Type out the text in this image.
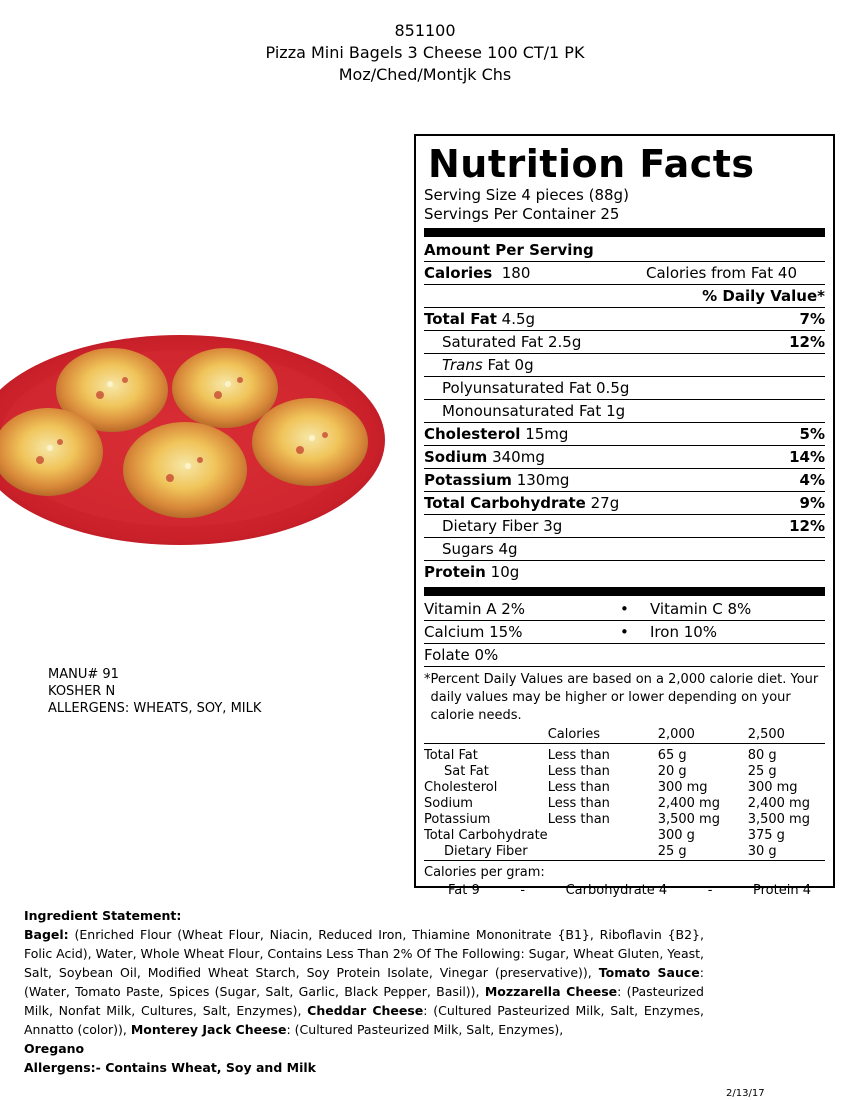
851100
Pizza Mini Bagels 3 Cheese 100 CT/1 PK
Moz/Ched/Montjk Chs
MANU# 91
KOSHER N
ALLERGENS: WHEATS, SOY, MILK
Nutrition Facts
Serving Size 4 pieces (88g)
Servings Per Container 25
Amount Per Serving
Calories 180	Calories from Fat 40
% Daily Value*
Total Fat 4.5g	7%
Saturated Fat 2.5g	12%
Trans Fat 0g
Polyunsaturated Fat 0.5g
Monounsaturated Fat 1g
Cholesterol 15mg	5%
Sodium 340mg	14%
Potassium 130mg	4%
Total Carbohydrate 27g	9%
Dietary Fiber 3g	12%
Sugars 4g
Protein 10g
Vitamin A 2%	•	Vitamin C 8%
Calcium 15%	•	Iron 10%
Folate 0%
* Percent Daily Values are based on a 2,000 calorie diet. Your daily values may be higher or lower depending on your calorie needs.
	Calories	2,000	2,500
Total Fat	Less than	65 g	80 g
Sat Fat	Less than	20 g	25 g
Cholesterol	Less than	300 mg	300 mg
Sodium	Less than	2,400 mg	2,400 mg
Potassium	Less than	3,500 mg	3,500 mg
Total Carbohydrate		300 g	375 g
Dietary Fiber		25 g	30 g
Calories per gram:
Fat 9	-	Carbohydrate 4	-	Protein 4
Ingredient Statement:
Bagel: (Enriched Flour (Wheat Flour, Niacin, Reduced Iron, Thiamine Mononitrate {B1}, Riboflavin {B2}, Folic Acid), Water, Whole Wheat Flour, Contains Less Than 2% Of The Following: Sugar, Wheat Gluten, Yeast, Salt, Soybean Oil, Modified Wheat Starch, Soy Protein Isolate, Vinegar (preservative)), Tomato Sauce: (Water, Tomato Paste, Spices (Sugar, Salt, Garlic, Black Pepper, Basil)), Mozzarella Cheese: (Pasteurized Milk, Nonfat Milk, Cultures, Salt, Enzymes), Cheddar Cheese: (Cultured Pasteurized Milk, Salt, Enzymes, Annatto (color)), Monterey Jack Cheese: (Cultured Pasteurized Milk, Salt, Enzymes),
Oregano
Allergens:- Contains Wheat, Soy and Milk
2/13/17
